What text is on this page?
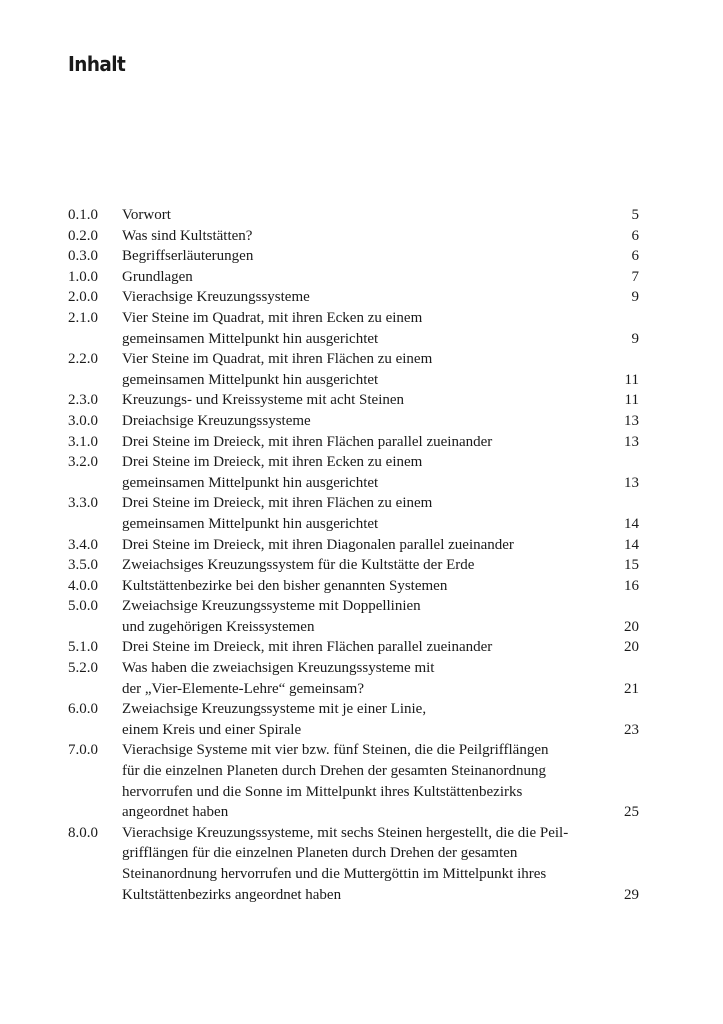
Inhalt
0.1.0	Vorwort	5
0.2.0	Was sind Kultstätten?	6
0.3.0	Begriffserläuterungen	6
1.0.0	Grundlagen	7
2.0.0	Vierachsige Kreuzungssysteme	9
2.1.0	Vier Steine im Quadrat, mit ihren Ecken zu einem
gemeinsamen Mittelpunkt hin ausgerichtet	9
2.2.0	Vier Steine im Quadrat, mit ihren Flächen zu einem
gemeinsamen Mittelpunkt hin ausgerichtet	11
2.3.0	Kreuzungs- und Kreissysteme mit acht Steinen	11
3.0.0	Dreiachsige Kreuzungssysteme	13
3.1.0	Drei Steine im Dreieck, mit ihren Flächen parallel zueinander	13
3.2.0	Drei Steine im Dreieck, mit ihren Ecken zu einem
gemeinsamen Mittelpunkt hin ausgerichtet	13
3.3.0	Drei Steine im Dreieck, mit ihren Flächen zu einem
gemeinsamen Mittelpunkt hin ausgerichtet	14
3.4.0	Drei Steine im Dreieck, mit ihren Diagonalen parallel zueinander	14
3.5.0	Zweiachsiges Kreuzungssystem für die Kultstätte der Erde	15
4.0.0	Kultstättenbezirke bei den bisher genannten Systemen	16
5.0.0	Zweiachsige Kreuzungssysteme mit Doppellinien
und zugehörigen Kreissystemen	20
5.1.0	Drei Steine im Dreieck, mit ihren Flächen parallel zueinander	20
5.2.0	Was haben die zweiachsigen Kreuzungssysteme mit
der „Vier-Elemente-Lehre“ gemeinsam?	21
6.0.0	Zweiachsige Kreuzungssysteme mit je einer Linie,
einem Kreis und einer Spirale	23
7.0.0	Vierachsige Systeme mit vier bzw. fünf Steinen, die die Peilgrifflängen
für die einzelnen Planeten durch Drehen der gesamten Steinanordnung
hervorrufen und die Sonne im Mittelpunkt ihres Kultstättenbezirks
angeordnet haben	25
8.0.0	Vierachsige Kreuzungssysteme, mit sechs Steinen hergestellt, die die Peil-
grifflängen für die einzelnen Planeten durch Drehen der gesamten
Steinanordnung hervorrufen und die Muttergöttin im Mittelpunkt ihres
Kultstättenbezirks angeordnet haben	29
